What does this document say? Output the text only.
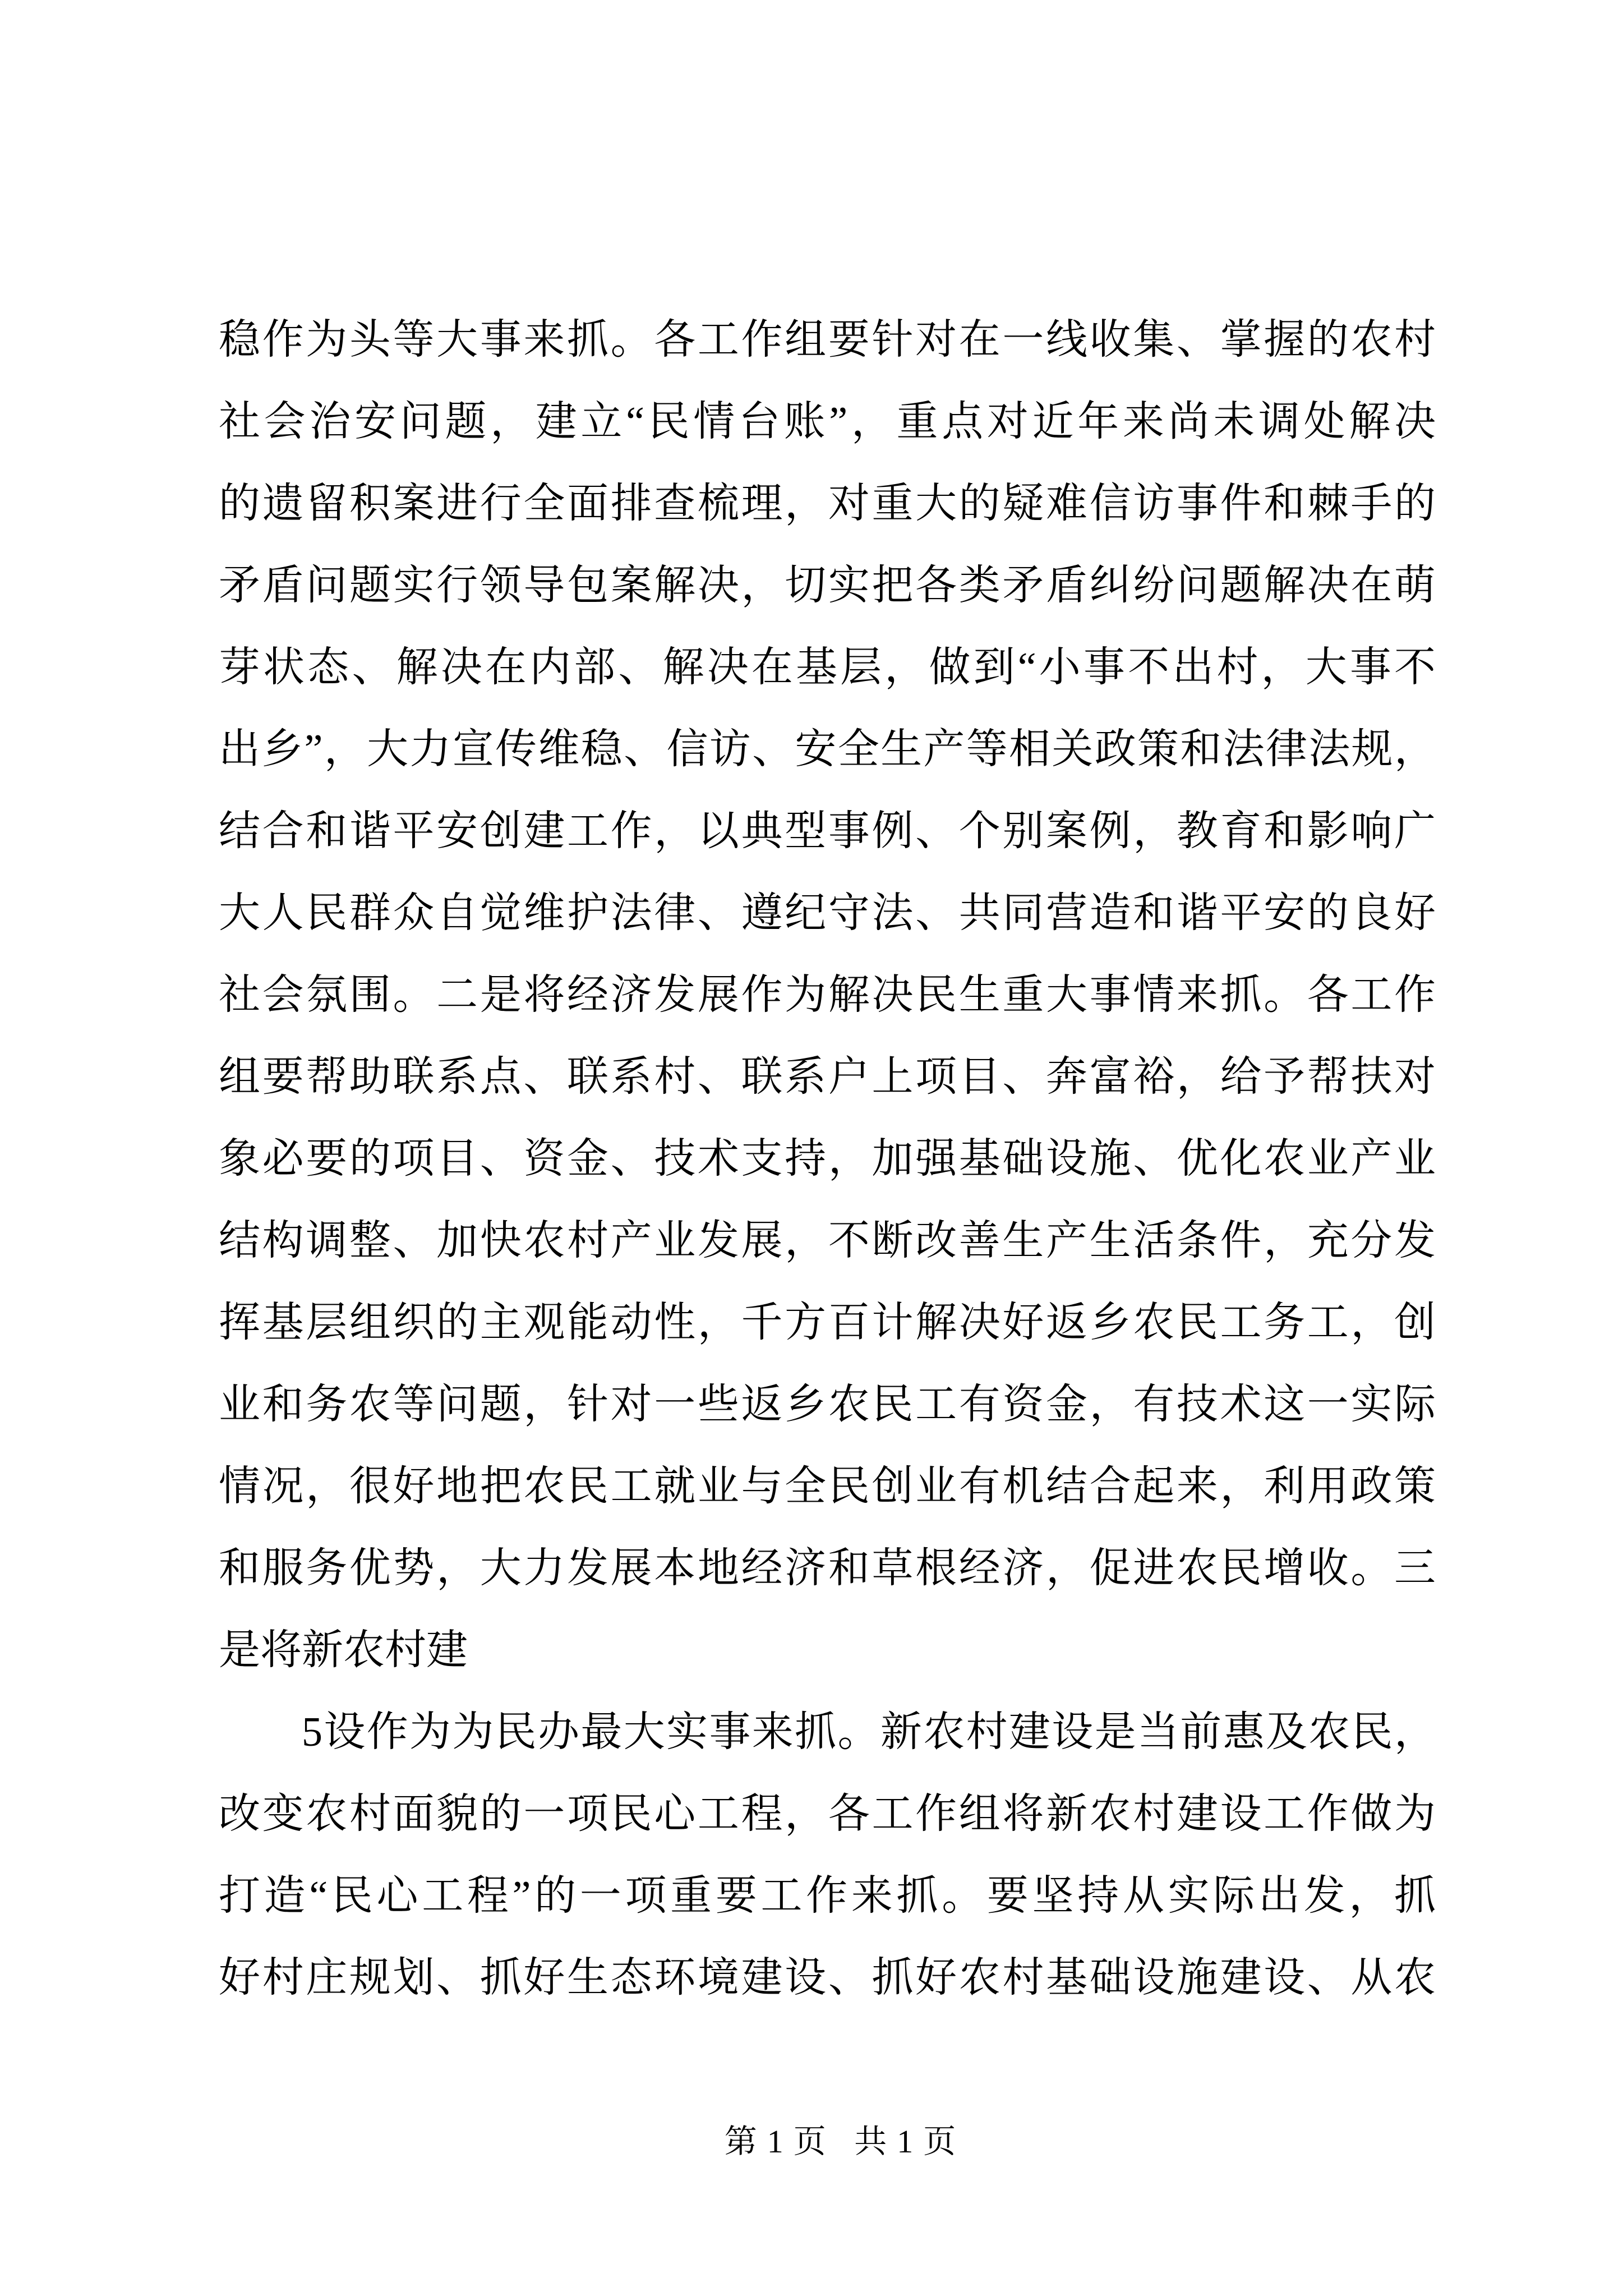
稳作为头等大事来抓。各工作组要针对在一线收集、掌握的农村
社会治安问题，建立“民情台账”，重点对近年来尚未调处解决
的遗留积案进行全面排查梳理，对重大的疑难信访事件和棘手的
矛盾问题实行领导包案解决，切实把各类矛盾纠纷问题解决在萌
芽状态、解决在内部、解决在基层，做到“小事不出村，大事不
出乡”，大力宣传维稳、信访、安全生产等相关政策和法律法规，
结合和谐平安创建工作，以典型事例、个别案例，教育和影响广
大人民群众自觉维护法律、遵纪守法、共同营造和谐平安的良好
社会氛围。二是将经济发展作为解决民生重大事情来抓。各工作
组要帮助联系点、联系村、联系户上项目、奔富裕，给予帮扶对
象必要的项目、资金、技术支持，加强基础设施、优化农业产业
结构调整、加快农村产业发展，不断改善生产生活条件，充分发
挥基层组织的主观能动性，千方百计解决好返乡农民工务工，创
业和务农等问题，针对一些返乡农民工有资金，有技术这一实际
情况，很好地把农民工就业与全民创业有机结合起来，利用政策
和服务优势，大力发展本地经济和草根经济，促进农民增收。三
是将新农村建
5设作为为民办最大实事来抓。新农村建设是当前惠及农民，
改变农村面貌的一项民心工程，各工作组将新农村建设工作做为
打造“民心工程”的一项重要工作来抓。要坚持从实际出发，抓
好村庄规划、抓好生态环境建设、抓好农村基础设施建设、从农
第1页 共1页
